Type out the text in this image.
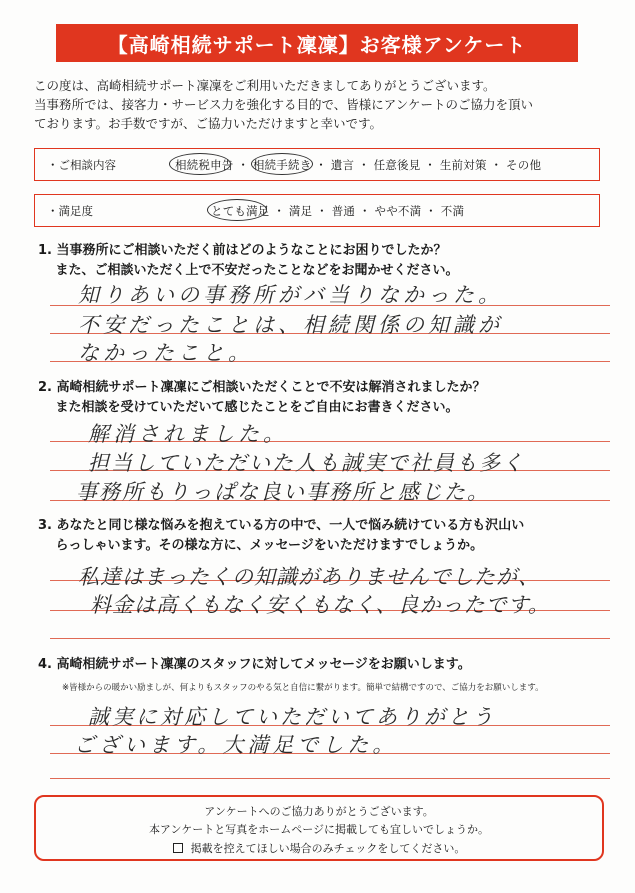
【高崎相続サポート凜凜】お客様アンケート

この度は、高崎相続サポート凜凜をご利用いただきましてありがとうございます。

当事務所では、接客力・サービス力を強化する目的で、皆様にアンケートのご協力を頂い

ております。お手数ですが、ご協力いただけますと幸いです。

・ご相談内容	相続税申告 ・ 相続手続き ・ 遺言 ・ 任意後見 ・ 生前対策 ・ その他
・満足度	とても満足 ・ 満足 ・ 普通 ・ やや不満 ・ 不満

1. 当事務所にご相談いただく前はどのようなことにお困りでしたか？

　 また、ご相談いただく上で不安だったことなどをお聞かせください。

知りあいの事務所がバ当りなかった。
不安だったことは、相続関係の知識が
なかったこと。

2. 高崎相続サポート凜凜にご相談いただくことで不安は解消されましたか？

　 また相談を受けていただいて感じたことをご自由にお書きください。

解消されました。
担当していただいた人も誠実で社員も多く
事務所もりっぱな良い事務所と感じた。

3. あなたと同じ様な悩みを抱えている方の中で、一人で悩み続けている方も沢山い

　 らっしゃいます。その様な方に、メッセージをいただけますでしょうか。

私達はまったくの知識がありませんでしたが、
料金は高くもなく安くもなく、良かったです。

4. 高崎相続サポート凜凜のスタッフに対してメッセージをお願いします。

※皆様からの暖かい励ましが、何よりもスタッフのやる気と自信に繋がります。簡単で結構ですので、ご協力をお願いします。
誠実に対応していただいてありがとう
ございます。大満足でした。
アンケートへのご協力ありがとうございます。
本アンケートと写真をホームページに掲載しても宜しいでしょうか。
掲載を控えてほしい場合のみチェックをしてください。
